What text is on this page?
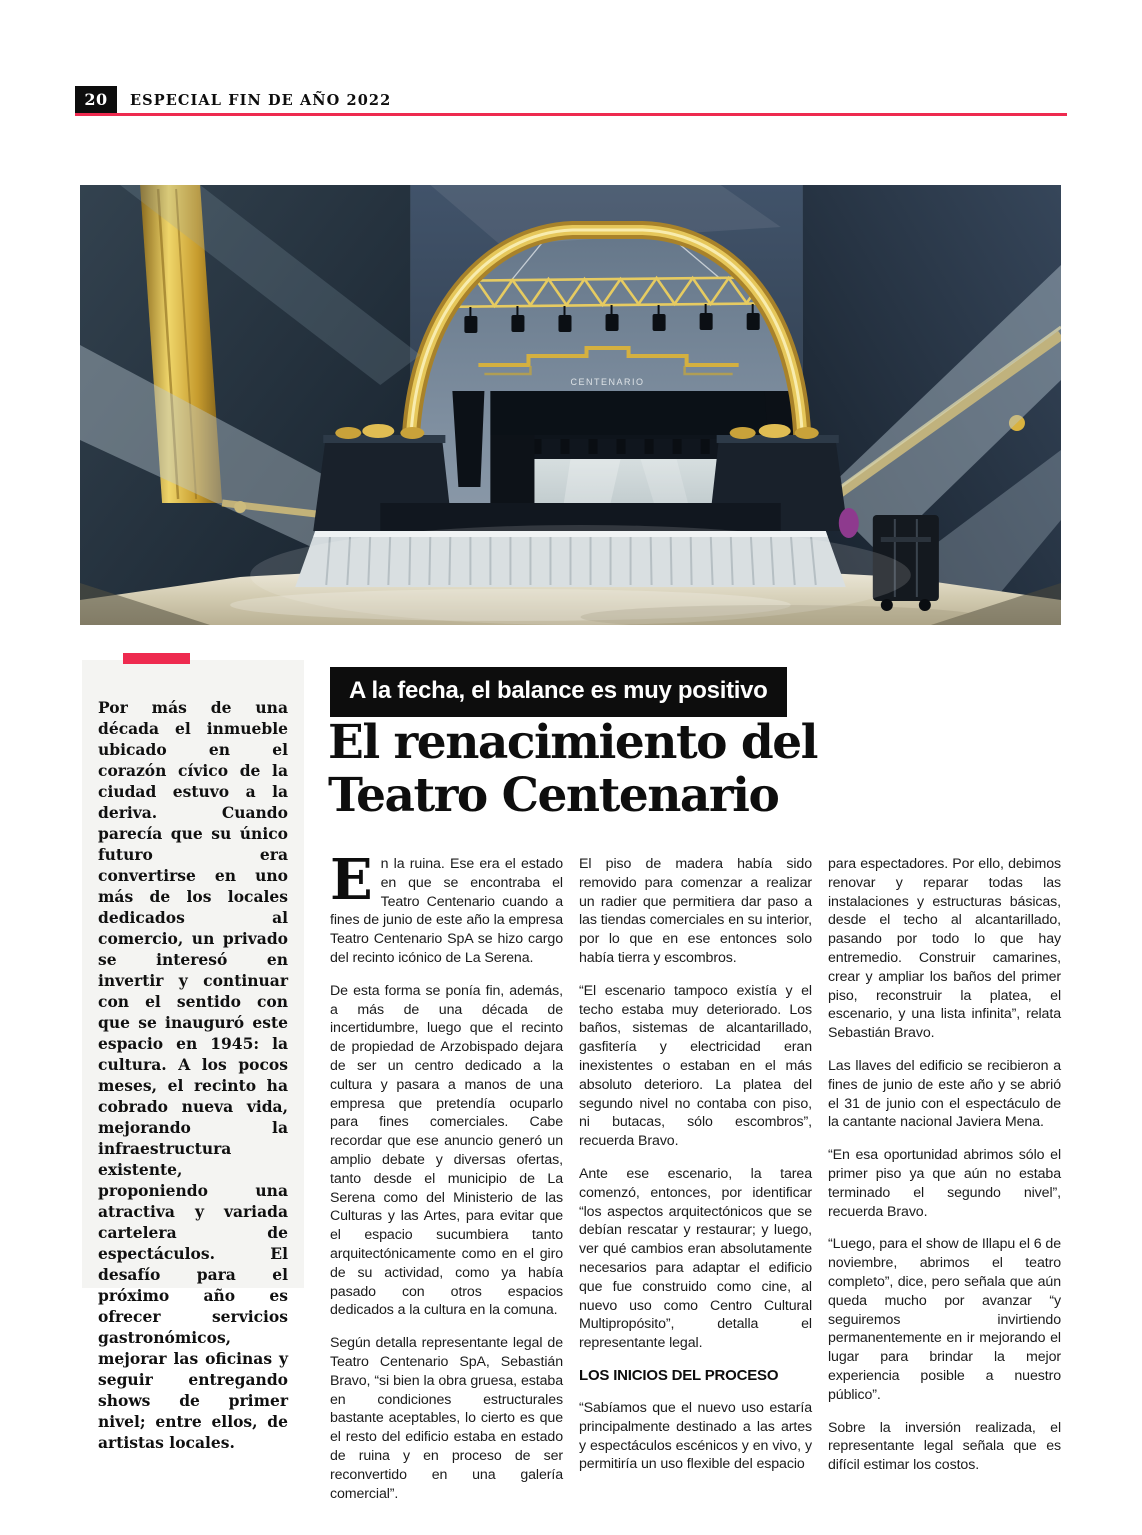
20	ESPECIAL FIN DE AÑO 2022
CENTENARIO

Por más de una década el inmueble ubicado en el corazón cívico de la ciudad estuvo a la deriva. Cuando parecía que su único futuro era convertirse en uno más de los locales dedicados al comercio, un privado se interesó en invertir y continuar con el sentido con que se inauguró este espacio en 1945: la cultura. A los pocos meses, el recinto ha cobrado nueva vida, mejorando la infraestructura existente, proponiendo una atractiva y variada cartelera de espectáculos. El desafío para el próximo año es ofrecer servicios gastronómicos, mejorar las oficinas y seguir entregando shows de primer nivel; entre ellos, de artistas locales.

A la fecha, el balance es muy positivo
El renacimiento del
Teatro Centenario

En la ruina. Ese era el estado en que se encontraba el Teatro Centenario cuando a fines de junio de este año la empresa Teatro Centenario SpA se hizo cargo del recinto icónico de La Serena.

De esta forma se ponía fin, además, a más de una década de incertidumbre, luego que el recinto de propiedad de Arzobispado dejara de ser un centro dedicado a la cultura y pasara a manos de una empresa que pretendía ocuparlo para fines comerciales. Cabe recordar que ese anuncio generó un amplio debate y diversas ofertas, tanto desde el municipio de La Serena como del Ministerio de las Culturas y las Artes, para evitar que el espacio sucumbiera tanto arquitectónicamente como en el giro de su actividad, como ya había pasado con otros espacios dedicados a la cultura en la comuna.

Según detalla representante legal de Teatro Centenario SpA, Sebastián Bravo, “si bien la obra gruesa, estaba en condiciones estructurales bastante aceptables, lo cierto es que el resto del edificio estaba en estado de ruina y en proceso de ser reconvertido en una galería comercial”.

El piso de madera había sido removido para comenzar a realizar un radier que permitiera dar paso a las tiendas comerciales en su interior, por lo que en ese entonces solo había tierra y escombros.

“El escenario tampoco existía y el techo estaba muy deteriorado. Los baños, sistemas de alcantarillado, gasfitería y electricidad eran inexistentes o estaban en el más absoluto deterioro. La platea del segundo nivel no contaba con piso, ni butacas, sólo escombros”, recuerda Bravo.

Ante ese escenario, la tarea comenzó, entonces, por identificar “los aspectos arquitectónicos que se debían rescatar y restaurar; y luego, ver qué cambios eran absolutamente necesarios para adaptar el edificio que fue construido como cine, al nuevo uso como Centro Cultural Multipropósito”, detalla el representante legal.

LOS INICIOS DEL PROCESO

“Sabíamos que el nuevo uso estaría principalmente destinado a las artes y espectáculos escénicos y en vivo, y permitiría un uso flexible del espacio

para espectadores. Por ello, debimos renovar y reparar todas las instalaciones y estructuras básicas, desde el techo al alcantarillado, pasando por todo lo que hay entremedio. Construir camarines, crear y ampliar los baños del primer piso, reconstruir la platea, el escenario, y una lista infinita”, relata Sebastián Bravo.

Las llaves del edificio se recibieron a fines de junio de este año y se abrió el 31 de junio con el espectáculo de la cantante nacional Javiera Mena.

“En esa oportunidad abrimos sólo el primer piso ya que aún no estaba terminado el segundo nivel”, recuerda Bravo.

“Luego, para el show de Illapu el 6 de noviembre, abrimos el teatro completo”, dice, pero señala que aún queda mucho por avanzar “y seguiremos invirtiendo permanentemente en ir mejorando el lugar para brindar la mejor experiencia posible a nuestro público”.

Sobre la inversión realizada, el representante legal señala que es difícil estimar los costos.
